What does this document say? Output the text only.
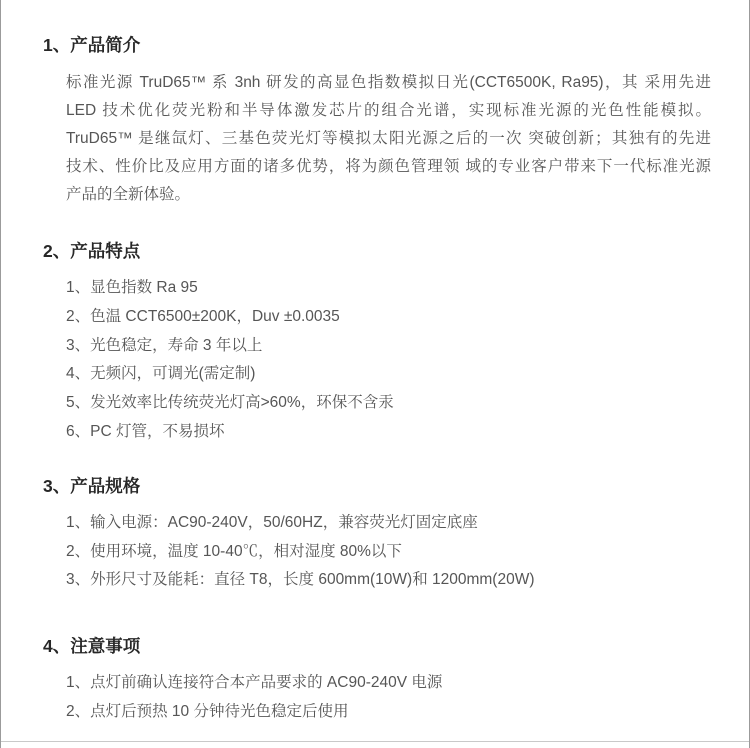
1、产品简介
标准光源 TruD65™ 系 3nh 研发的高显色指数模拟日光(CCT6500K, Ra95)，其 采用先进
LED 技术优化荧光粉和半导体激发芯片的组合光谱，实现标准光源的光色性能模拟。
TruD65™ 是继氙灯、三基色荧光灯等模拟太阳光源之后的一次 突破创新；其独有的先进
技术、性价比及应用方面的诸多优势，将为颜色管理领 域的专业客户带来下一代标准光源
产品的全新体验。
2、产品特点
1、显色指数 Ra 95
2、色温 CCT6500±200K，Duv ±0.0035
3、光色稳定，寿命 3 年以上
4、无频闪，可调光(需定制)
5、发光效率比传统荧光灯高>60%，环保不含汞
6、PC 灯管，不易损坏
3、产品规格
1、输入电源：AC90-240V，50/60HZ，兼容荧光灯固定底座
2、使用环境，温度 10-40℃，相对湿度 80%以下
3、外形尺寸及能耗：直径 T8，长度 600mm(10W)和 1200mm(20W)
4、注意事项
1、点灯前确认连接符合本产品要求的 AC90-240V 电源
2、点灯后预热 10 分钟待光色稳定后使用
